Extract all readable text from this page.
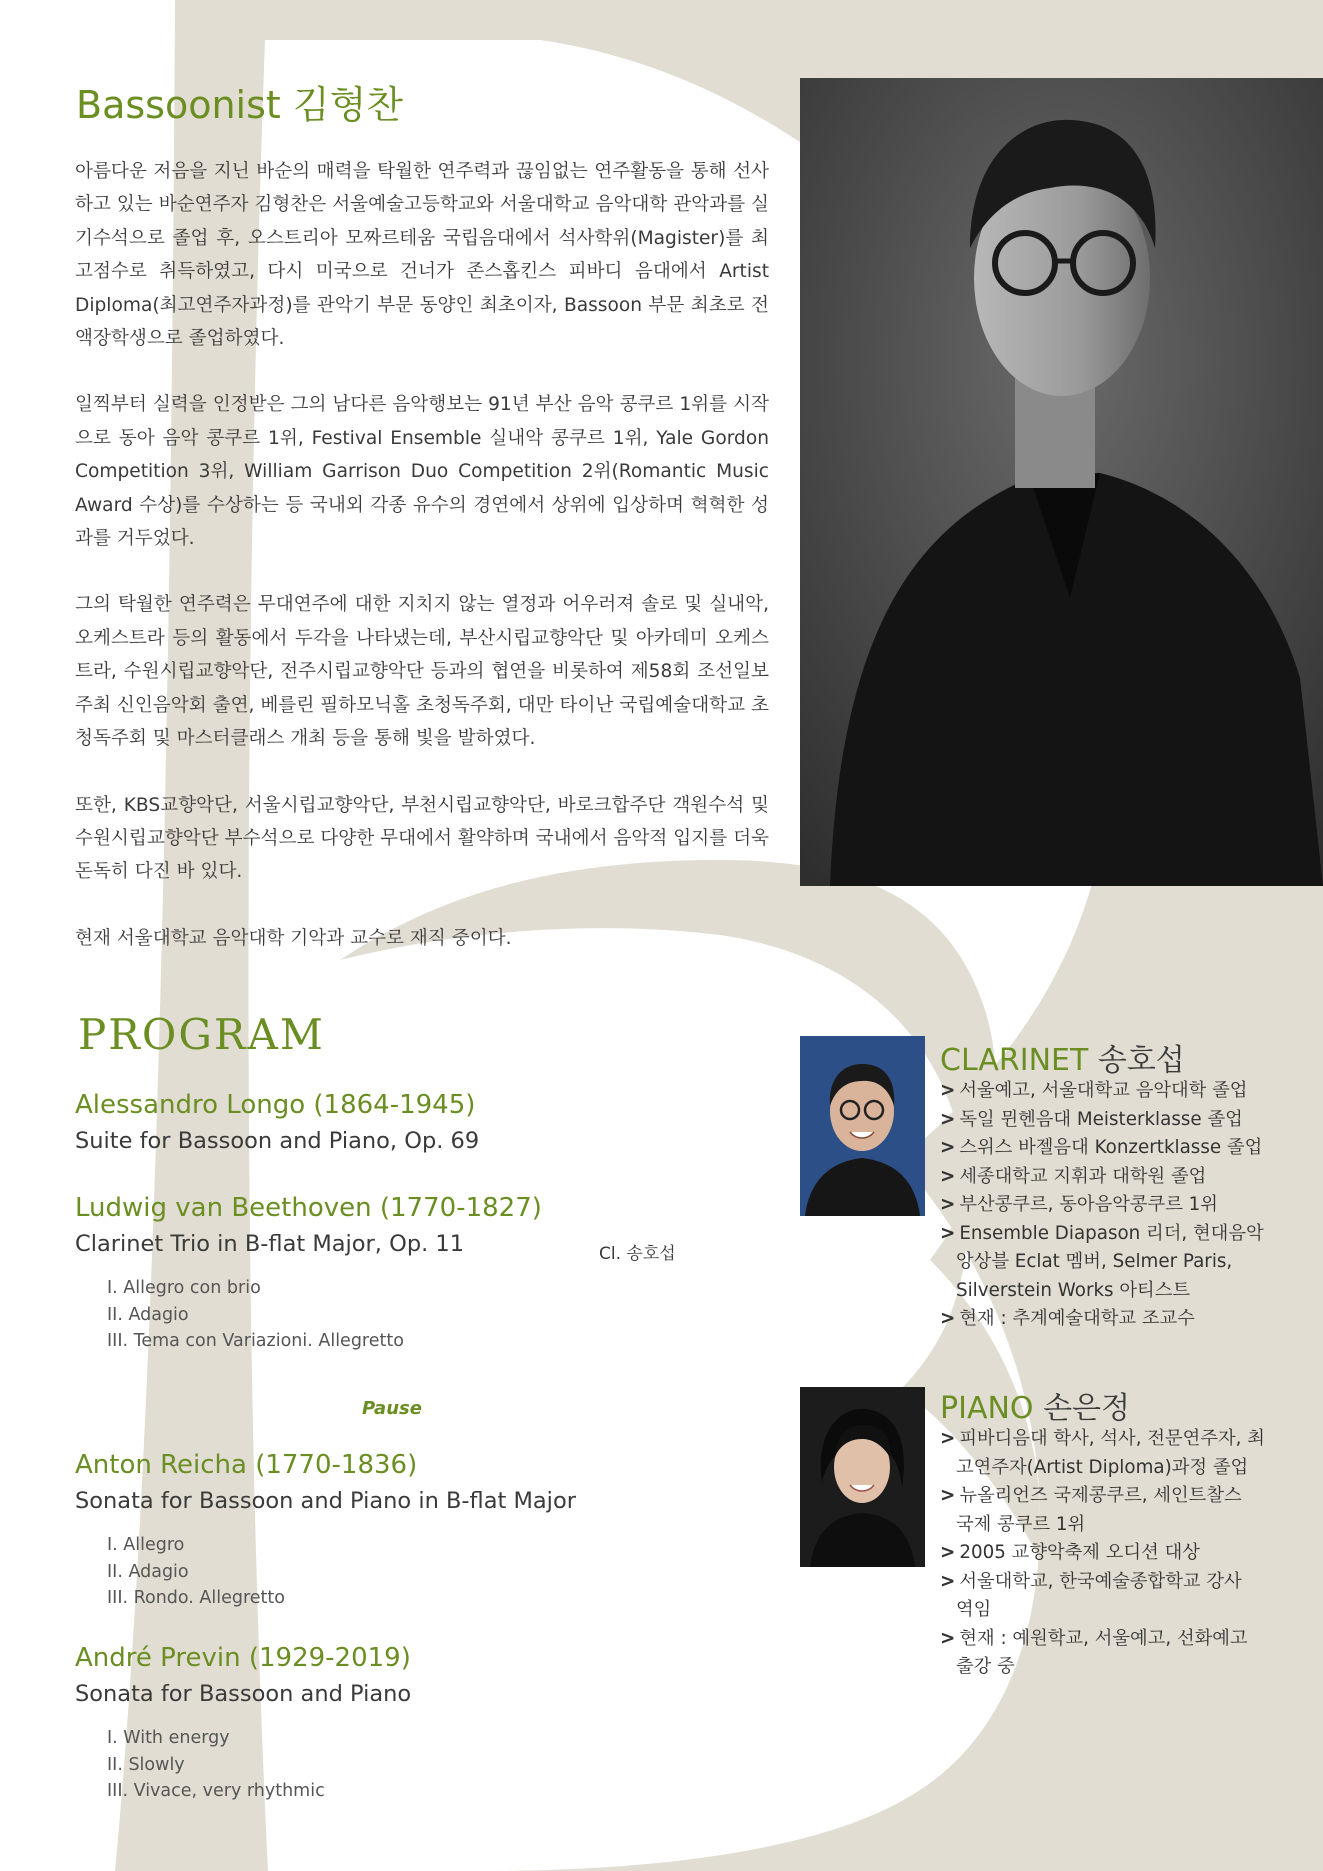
Bassoonist 김형찬

아름다운 저음을 지닌 바순의 매력을 탁월한 연주력과 끊임없는 연주활동을 통해 선사하고 있는 바순연주자 김형찬은 서울예술고등학교와 서울대학교 음악대학 관악과를 실기수석으로 졸업 후, 오스트리아 모짜르테움 국립음대에서 석사학위(Magister)를 최고점수로 취득하였고, 다시 미국으로 건너가 존스홉킨스 피바디 음대에서 Artist Diploma(최고연주자과정)를 관악기 부문 동양인 최초이자, Bassoon 부문 최초로 전액장학생으로 졸업하였다.

일찍부터 실력을 인정받은 그의 남다른 음악행보는 91년 부산 음악 콩쿠르 1위를 시작으로 동아 음악 콩쿠르 1위, Festival Ensemble 실내악 콩쿠르 1위, Yale Gordon Competition 3위, William Garrison Duo Competition 2위(Romantic Music Award 수상)를 수상하는 등 국내외 각종 유수의 경연에서 상위에 입상하며 혁혁한 성과를 거두었다.

그의 탁월한 연주력은 무대연주에 대한 지치지 않는 열정과 어우러져 솔로 및 실내악, 오케스트라 등의 활동에서 두각을 나타냈는데, 부산시립교향악단 및 아카데미 오케스트라, 수원시립교향악단, 전주시립교향악단 등과의 협연을 비롯하여 제58회 조선일보 주최 신인음악회 출연, 베를린 필하모닉홀 초청독주회, 대만 타이난 국립예술대학교 초청독주회 및 마스터클래스 개최 등을 통해 빛을 발하였다.

또한, KBS교향악단, 서울시립교향악단, 부천시립교향악단, 바로크합주단 객원수석 및 수원시립교향악단 부수석으로 다양한 무대에서 활약하며 국내에서 음악적 입지를 더욱 돈독히 다진 바 있다.

현재 서울대학교 음악대학 기악과 교수로 재직 중이다.

PROGRAM
Alessandro Longo (1864-1945)
Suite for Bassoon and Piano, Op. 69
Ludwig van Beethoven (1770-1827)
Clarinet Trio in B-flat Major, Op. 11	Cl. 송호섭
I. Allegro con brio
II. Adagio
III. Tema con Variazioni. Allegretto
Anton Reicha (1770-1836)
Sonata for Bassoon and Piano in B-flat Major
I. Allegro
II. Adagio
III. Rondo. Allegretto
André Previn (1929-2019)
Sonata for Bassoon and Piano
I. With energy
II. Slowly
III. Vivace, very rhythmic
Pause
CLARINET 송호섭
> 서울예고, 서울대학교 음악대학 졸업
> 독일 뮌헨음대 Meisterklasse 졸업
> 스위스 바젤음대 Konzertklasse 졸업
> 세종대학교 지휘과 대학원 졸업
> 부산콩쿠르, 동아음악콩쿠르 1위
> Ensemble Diapason 리더, 현대음악 앙상블 Eclat 멤버, Selmer Paris, Silverstein Works 아티스트
> 현재 : 추계예술대학교 조교수
PIANO 손은정
> 피바디음대 학사, 석사, 전문연주자, 최고연주자(Artist Diploma)과정 졸업
> 뉴올리언즈 국제콩쿠르, 세인트찰스 국제 콩쿠르 1위
> 2005 교향악축제 오디션 대상
> 서울대학교, 한국예술종합학교 강사 역임
> 현재 : 예원학교, 서울예고, 선화예고 출강 중
